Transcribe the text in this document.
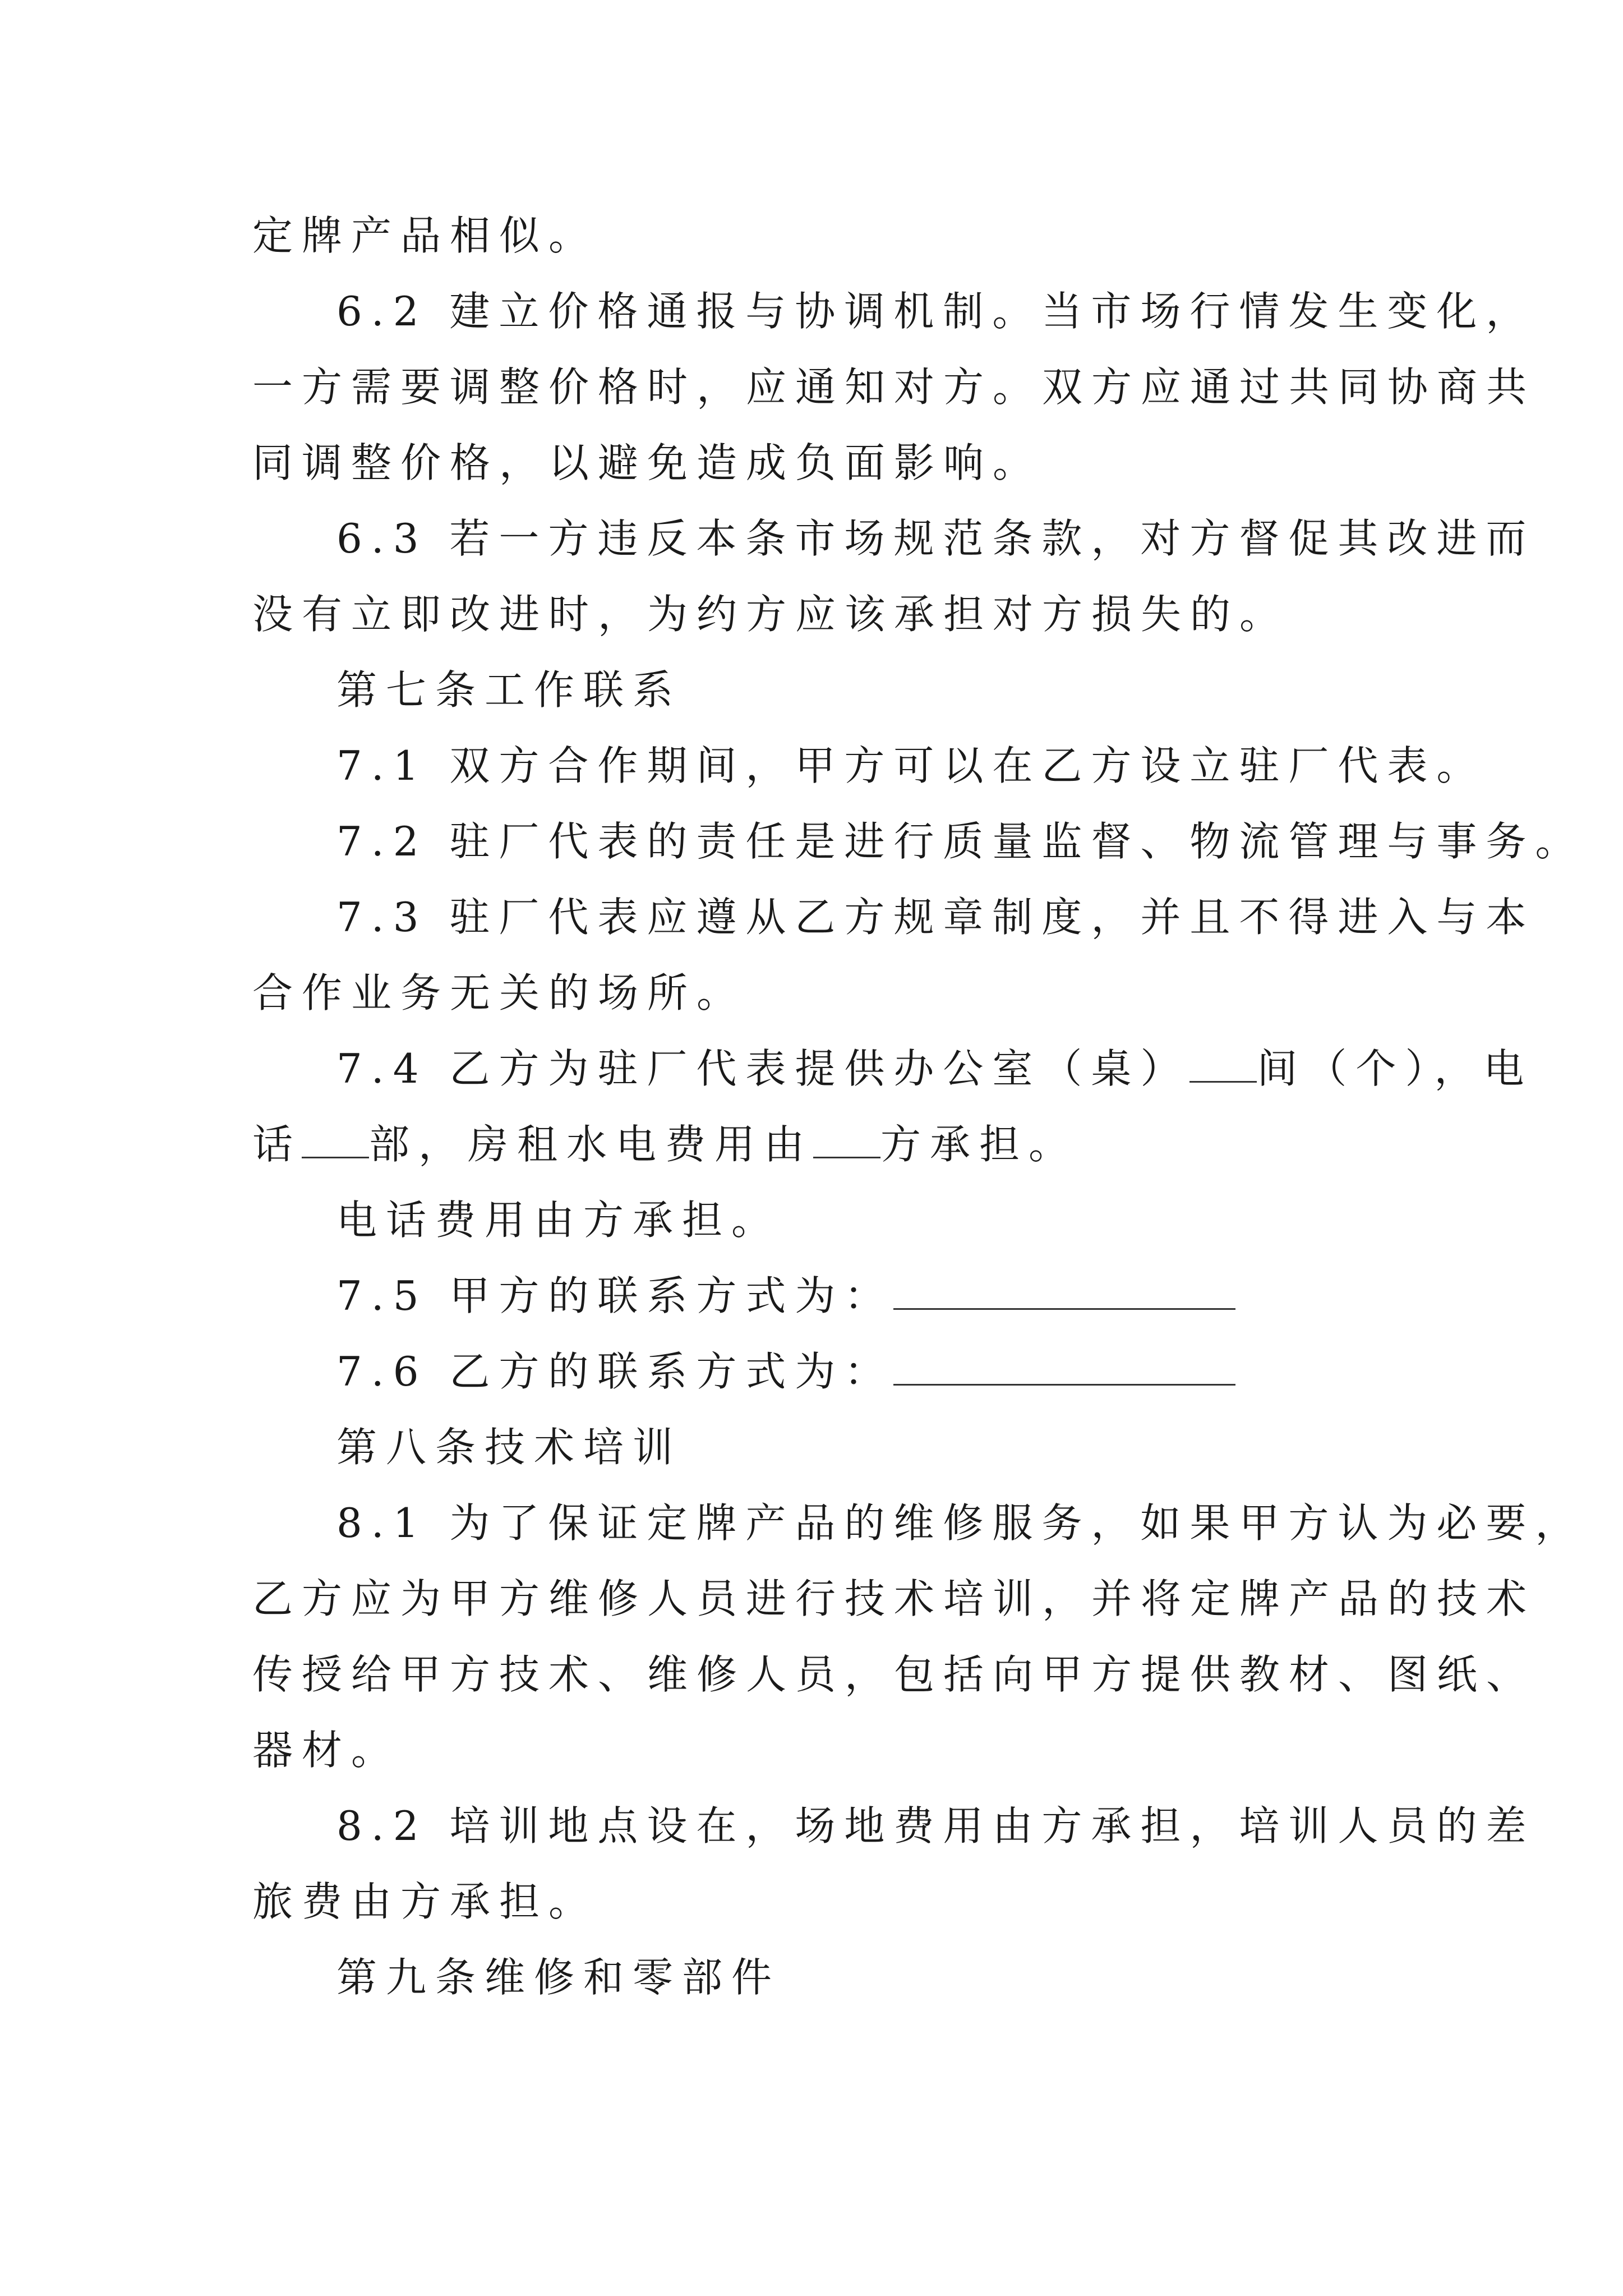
定牌产品相似。
6.2 建立价格通报与协调机制。当市场行情发生变化，
一方需要调整价格时，应通知对方。双方应通过共同协商共
同调整价格，以避免造成负面影响。
6.3 若一方违反本条市场规范条款，对方督促其改进而
没有立即改进时，为约方应该承担对方损失的。
第七条工作联系
7.1 双方合作期间，甲方可以在乙方设立驻厂代表。
7.2 驻厂代表的责任是进行质量监督、物流管理与事务。
7.3 驻厂代表应遵从乙方规章制度，并且不得进入与本
合作业务无关的场所。
7.4 乙方为驻厂代表提供办公室（桌） 间（个），电
话 部，房租水电费用由 方承担。
电话费用由方承担。
7.5 甲方的联系方式为：
7.6 乙方的联系方式为：
第八条技术培训
8.1 为了保证定牌产品的维修服务，如果甲方认为必要，
乙方应为甲方维修人员进行技术培训，并将定牌产品的技术
传授给甲方技术、维修人员，包括向甲方提供教材、图纸、
器材。
8.2 培训地点设在，场地费用由方承担，培训人员的差
旅费由方承担。
第九条维修和零部件
